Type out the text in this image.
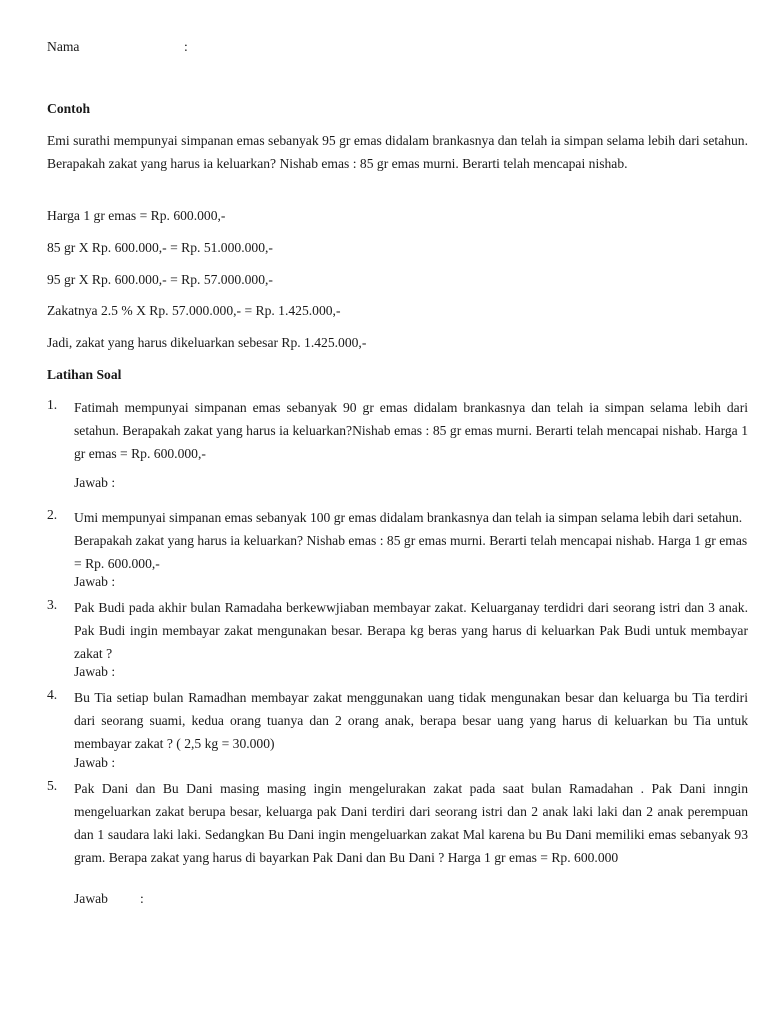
Nama	:
Contoh

Emi surathi mempunyai simpanan emas sebanyak 95 gr emas didalam brankasnya dan telah ia simpan selama lebih dari setahun. Berapakah zakat yang harus ia keluarkan? Nishab emas : 85 gr emas murni. Berarti telah mencapai nishab.

Harga 1 gr emas = Rp. 600.000,-
85 gr X Rp. 600.000,- = Rp. 51.000.000,-
95 gr X Rp. 600.000,- = Rp. 57.000.000,-
Zakatnya 2.5 % X Rp. 57.000.000,- = Rp. 1.425.000,-
Jadi, zakat yang harus dikeluarkan sebesar Rp. 1.425.000,-
Latihan Soal
1. Fatimah mempunyai simpanan emas sebanyak 90 gr emas didalam brankasnya dan telah ia simpan selama lebih dari setahun. Berapakah zakat yang harus ia keluarkan?Nishab emas : 85 gr emas murni. Berarti telah mencapai nishab. Harga 1 gr emas = Rp. 600.000,-

Jawab :
2. Umi mempunyai simpanan emas sebanyak 100 gr emas didalam brankasnya dan telah ia simpan selama lebih dari setahun. Berapakah zakat yang harus ia keluarkan? Nishab emas : 85 gr emas murni. Berarti telah mencapai nishab. Harga 1 gr emas = Rp. 600.000,-

Jawab :
3. Pak Budi pada akhir bulan Ramadaha berkewwjiaban membayar zakat. Keluarganay terdidri dari seorang istri dan 3 anak. Pak Budi ingin membayar zakat mengunakan besar. Berapa kg beras yang harus di keluarkan Pak Budi untuk membayar zakat ?

Jawab :
4. Bu Tia setiap bulan Ramadhan membayar zakat menggunakan uang tidak mengunakan besar dan keluarga bu Tia terdiri dari seorang suami, kedua orang tuanya dan 2 orang anak, berapa besar uang yang harus di keluarkan bu Tia untuk membayar zakat ? ( 2,5 kg = 30.000)

Jawab :
5. Pak Dani dan Bu Dani masing masing ingin mengelurakan zakat pada saat bulan Ramadahan . Pak Dani inngin mengeluarkan zakat berupa besar, keluarga pak Dani terdiri dari seorang istri dan 2 anak laki laki dan 2 anak perempuan dan 1 saudara laki laki. Sedangkan Bu Dani ingin mengeluarkan zakat Mal karena bu Bu Dani memiliki emas sebanyak 93 gram. Berapa zakat yang harus di bayarkan Pak Dani dan Bu Dani ? Harga 1 gr emas = Rp. 600.000

Jawab :
